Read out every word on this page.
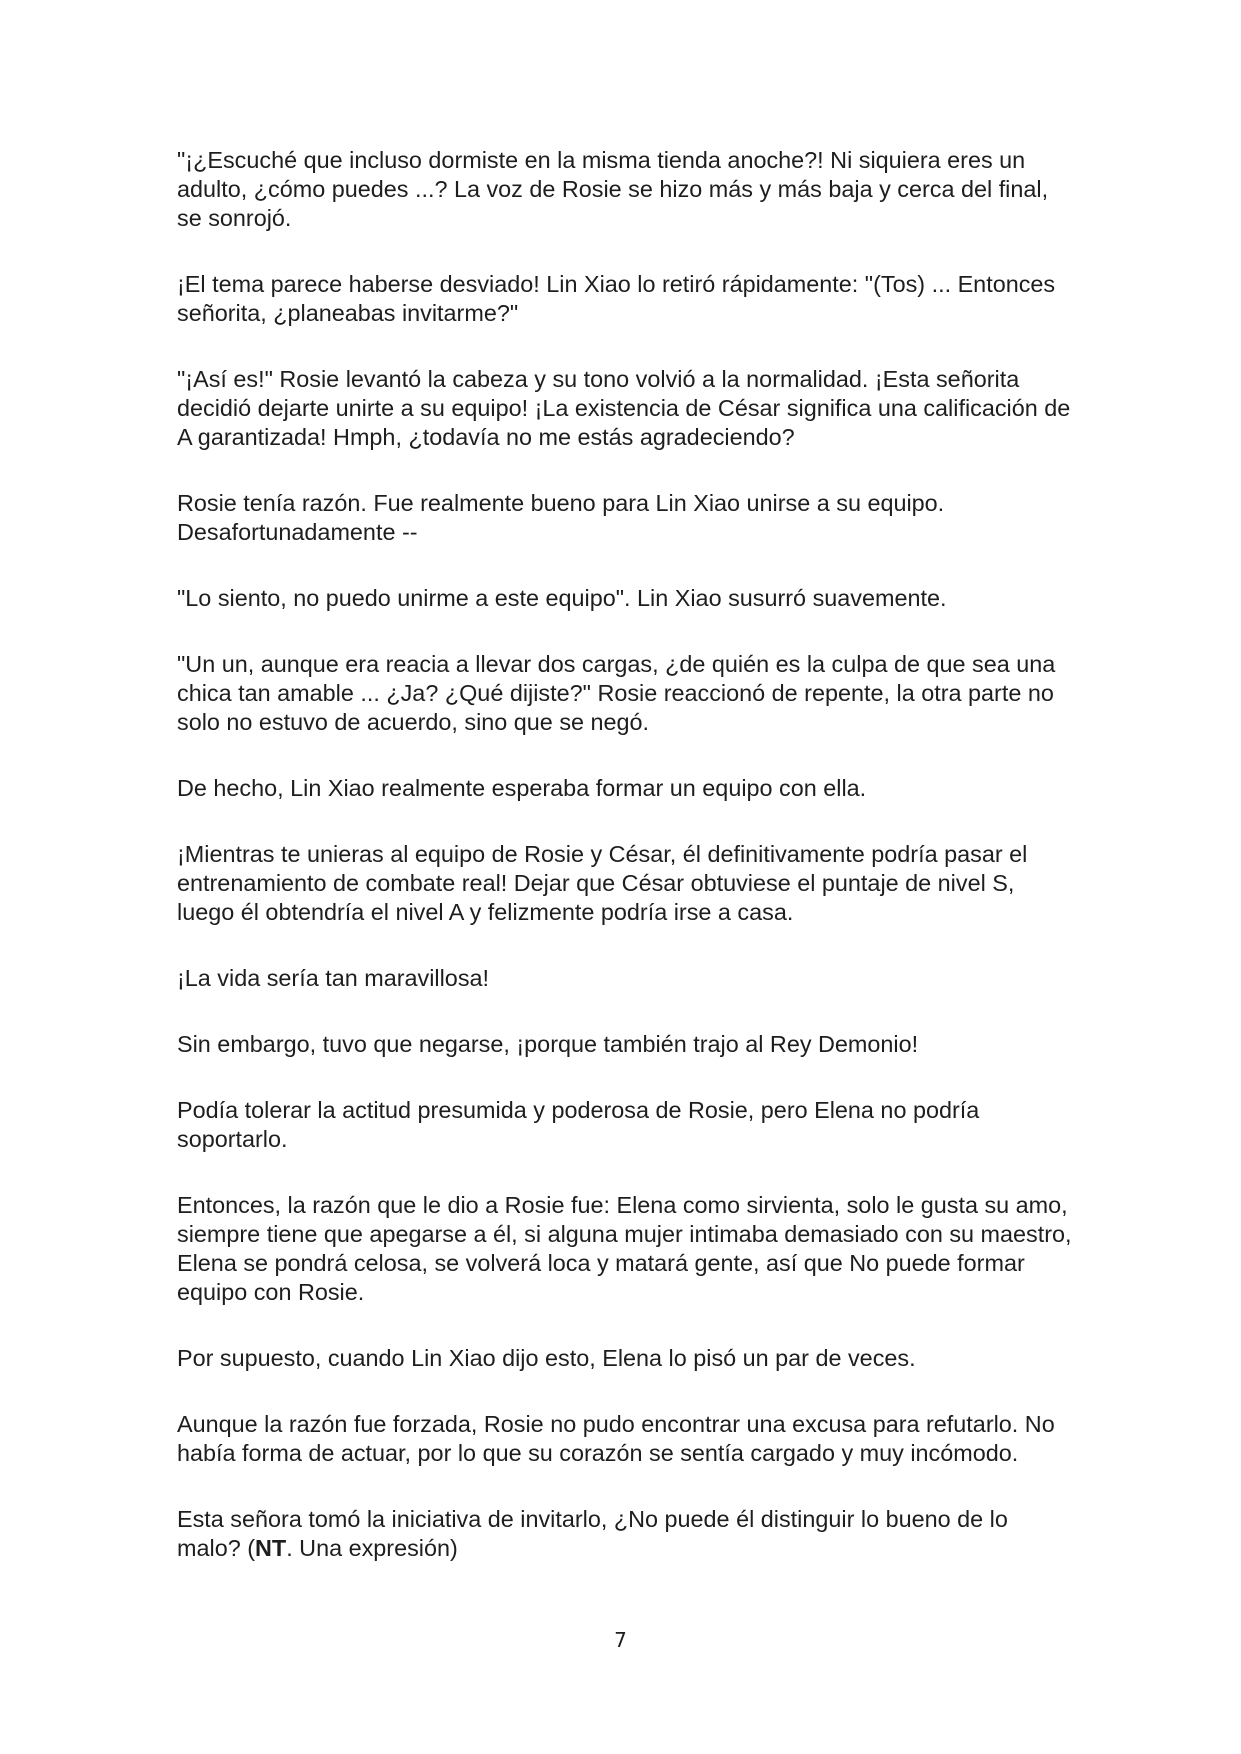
"¡¿Escuché que incluso dormiste en la misma tienda anoche?! Ni siquiera eres un adulto, ¿cómo puedes ...? La voz de Rosie se hizo más y más baja y cerca del final, se sonrojó.

¡El tema parece haberse desviado! Lin Xiao lo retiró rápidamente: "(Tos) ... Entonces señorita, ¿planeabas invitarme?"

"¡Así es!" Rosie levantó la cabeza y su tono volvió a la normalidad. ¡Esta señorita decidió dejarte unirte a su equipo! ¡La existencia de César significa una calificación de A garantizada! Hmph, ¿todavía no me estás agradeciendo?

Rosie tenía razón. Fue realmente bueno para Lin Xiao unirse a su equipo. Desafortunadamente --

"Lo siento, no puedo unirme a este equipo". Lin Xiao susurró suavemente.

"Un un, aunque era reacia a llevar dos cargas, ¿de quién es la culpa de que sea una chica tan amable ... ¿Ja? ¿Qué dijiste?" Rosie reaccionó de repente, la otra parte no solo no estuvo de acuerdo, sino que se negó.

De hecho, Lin Xiao realmente esperaba formar un equipo con ella.

¡Mientras te unieras al equipo de Rosie y César, él definitivamente podría pasar el entrenamiento de combate real! Dejar que César obtuviese el puntaje de nivel S, luego él obtendría el nivel A y felizmente podría irse a casa.

¡La vida sería tan maravillosa!

Sin embargo, tuvo que negarse, ¡porque también trajo al Rey Demonio!

Podía tolerar la actitud presumida y poderosa de Rosie, pero Elena no podría soportarlo.

Entonces, la razón que le dio a Rosie fue: Elena como sirvienta, solo le gusta su amo, siempre tiene que apegarse a él, si alguna mujer intimaba demasiado con su maestro, Elena se pondrá celosa, se volverá loca y matará gente, así que No puede formar equipo con Rosie.

Por supuesto, cuando Lin Xiao dijo esto, Elena lo pisó un par de veces.

Aunque la razón fue forzada, Rosie no pudo encontrar una excusa para refutarlo. No había forma de actuar, por lo que su corazón se sentía cargado y muy incómodo.

Esta señora tomó la iniciativa de invitarlo, ¿No puede él distinguir lo bueno de lo malo? (NT. Una expresión)

7
